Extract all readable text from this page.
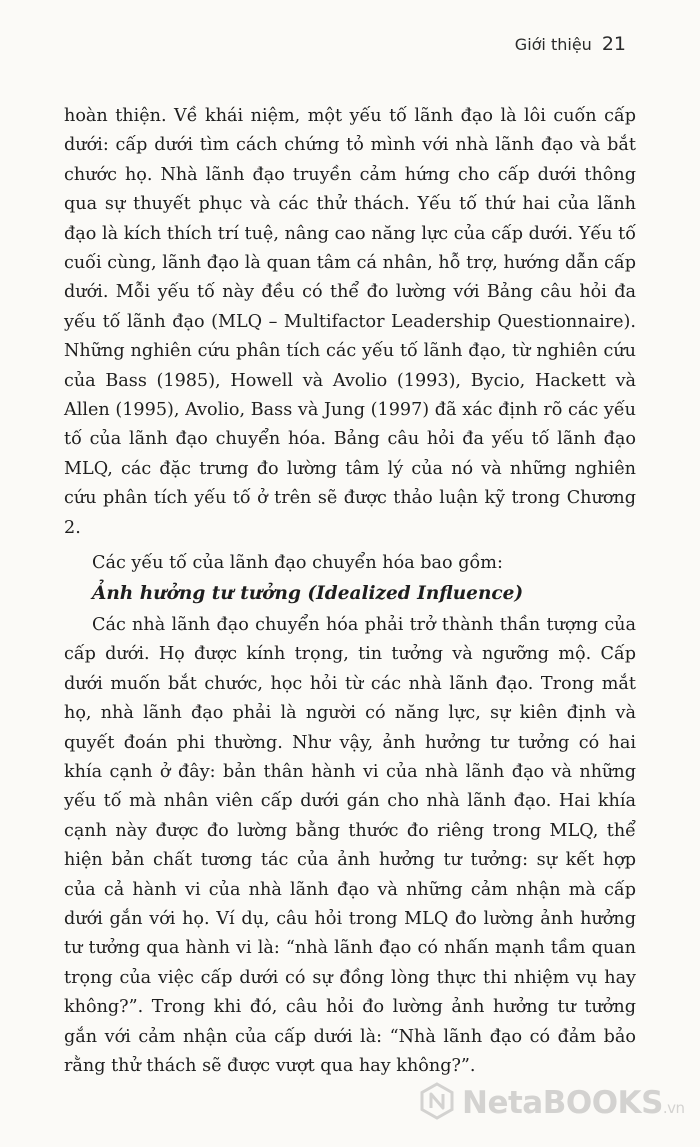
Giới thiệu 21

hoàn thiện. Về khái niệm, một yếu tố lãnh đạo là lôi cuốn cấp dưới: cấp dưới tìm cách chứng tỏ mình với nhà lãnh đạo và bắt chước họ. Nhà lãnh đạo truyền cảm hứng cho cấp dưới thông qua sự thuyết phục và các thử thách. Yếu tố thứ hai của lãnh đạo là kích thích trí tuệ, nâng cao năng lực của cấp dưới. Yếu tố cuối cùng, lãnh đạo là quan tâm cá nhân, hỗ trợ, hướng dẫn cấp dưới. Mỗi yếu tố này đều có thể đo lường với Bảng câu hỏi đa yếu tố lãnh đạo (MLQ – Multifactor Leadership Questionnaire). Những nghiên cứu phân tích các yếu tố lãnh đạo, từ nghiên cứu của Bass (1985), Howell và Avolio (1993), Bycio, Hackett và Allen (1995), Avolio, Bass và Jung (1997) đã xác định rõ các yếu tố của lãnh đạo chuyển hóa. Bảng câu hỏi đa yếu tố lãnh đạo MLQ, các đặc trưng đo lường tâm lý của nó và những nghiên cứu phân tích yếu tố ở trên sẽ được thảo luận kỹ trong Chương 2.

Các yếu tố của lãnh đạo chuyển hóa bao gồm:

Ảnh hưởng tư tưởng (Idealized Influence)

Các nhà lãnh đạo chuyển hóa phải trở thành thần tượng của cấp dưới. Họ được kính trọng, tin tưởng và ngưỡng mộ. Cấp dưới muốn bắt chước, học hỏi từ các nhà lãnh đạo. Trong mắt họ, nhà lãnh đạo phải là người có năng lực, sự kiên định và quyết đoán phi thường. Như vậy, ảnh hưởng tư tưởng có hai khía cạnh ở đây: bản thân hành vi của nhà lãnh đạo và những yếu tố mà nhân viên cấp dưới gán cho nhà lãnh đạo. Hai khía cạnh này được đo lường bằng thước đo riêng trong MLQ, thể hiện bản chất tương tác của ảnh hưởng tư tưởng: sự kết hợp của cả hành vi của nhà lãnh đạo và những cảm nhận mà cấp dưới gắn với họ. Ví dụ, câu hỏi trong MLQ đo lường ảnh hưởng tư tưởng qua hành vi là: “nhà lãnh đạo có nhấn mạnh tầm quan trọng của việc cấp dưới có sự đồng lòng thực thi nhiệm vụ hay không?”. Trong khi đó, câu hỏi đo lường ảnh hưởng tư tưởng gắn với cảm nhận của cấp dưới là: “Nhà lãnh đạo có đảm bảo rằng thử thách sẽ được vượt qua hay không?”.

NetaBOOKS.vn
